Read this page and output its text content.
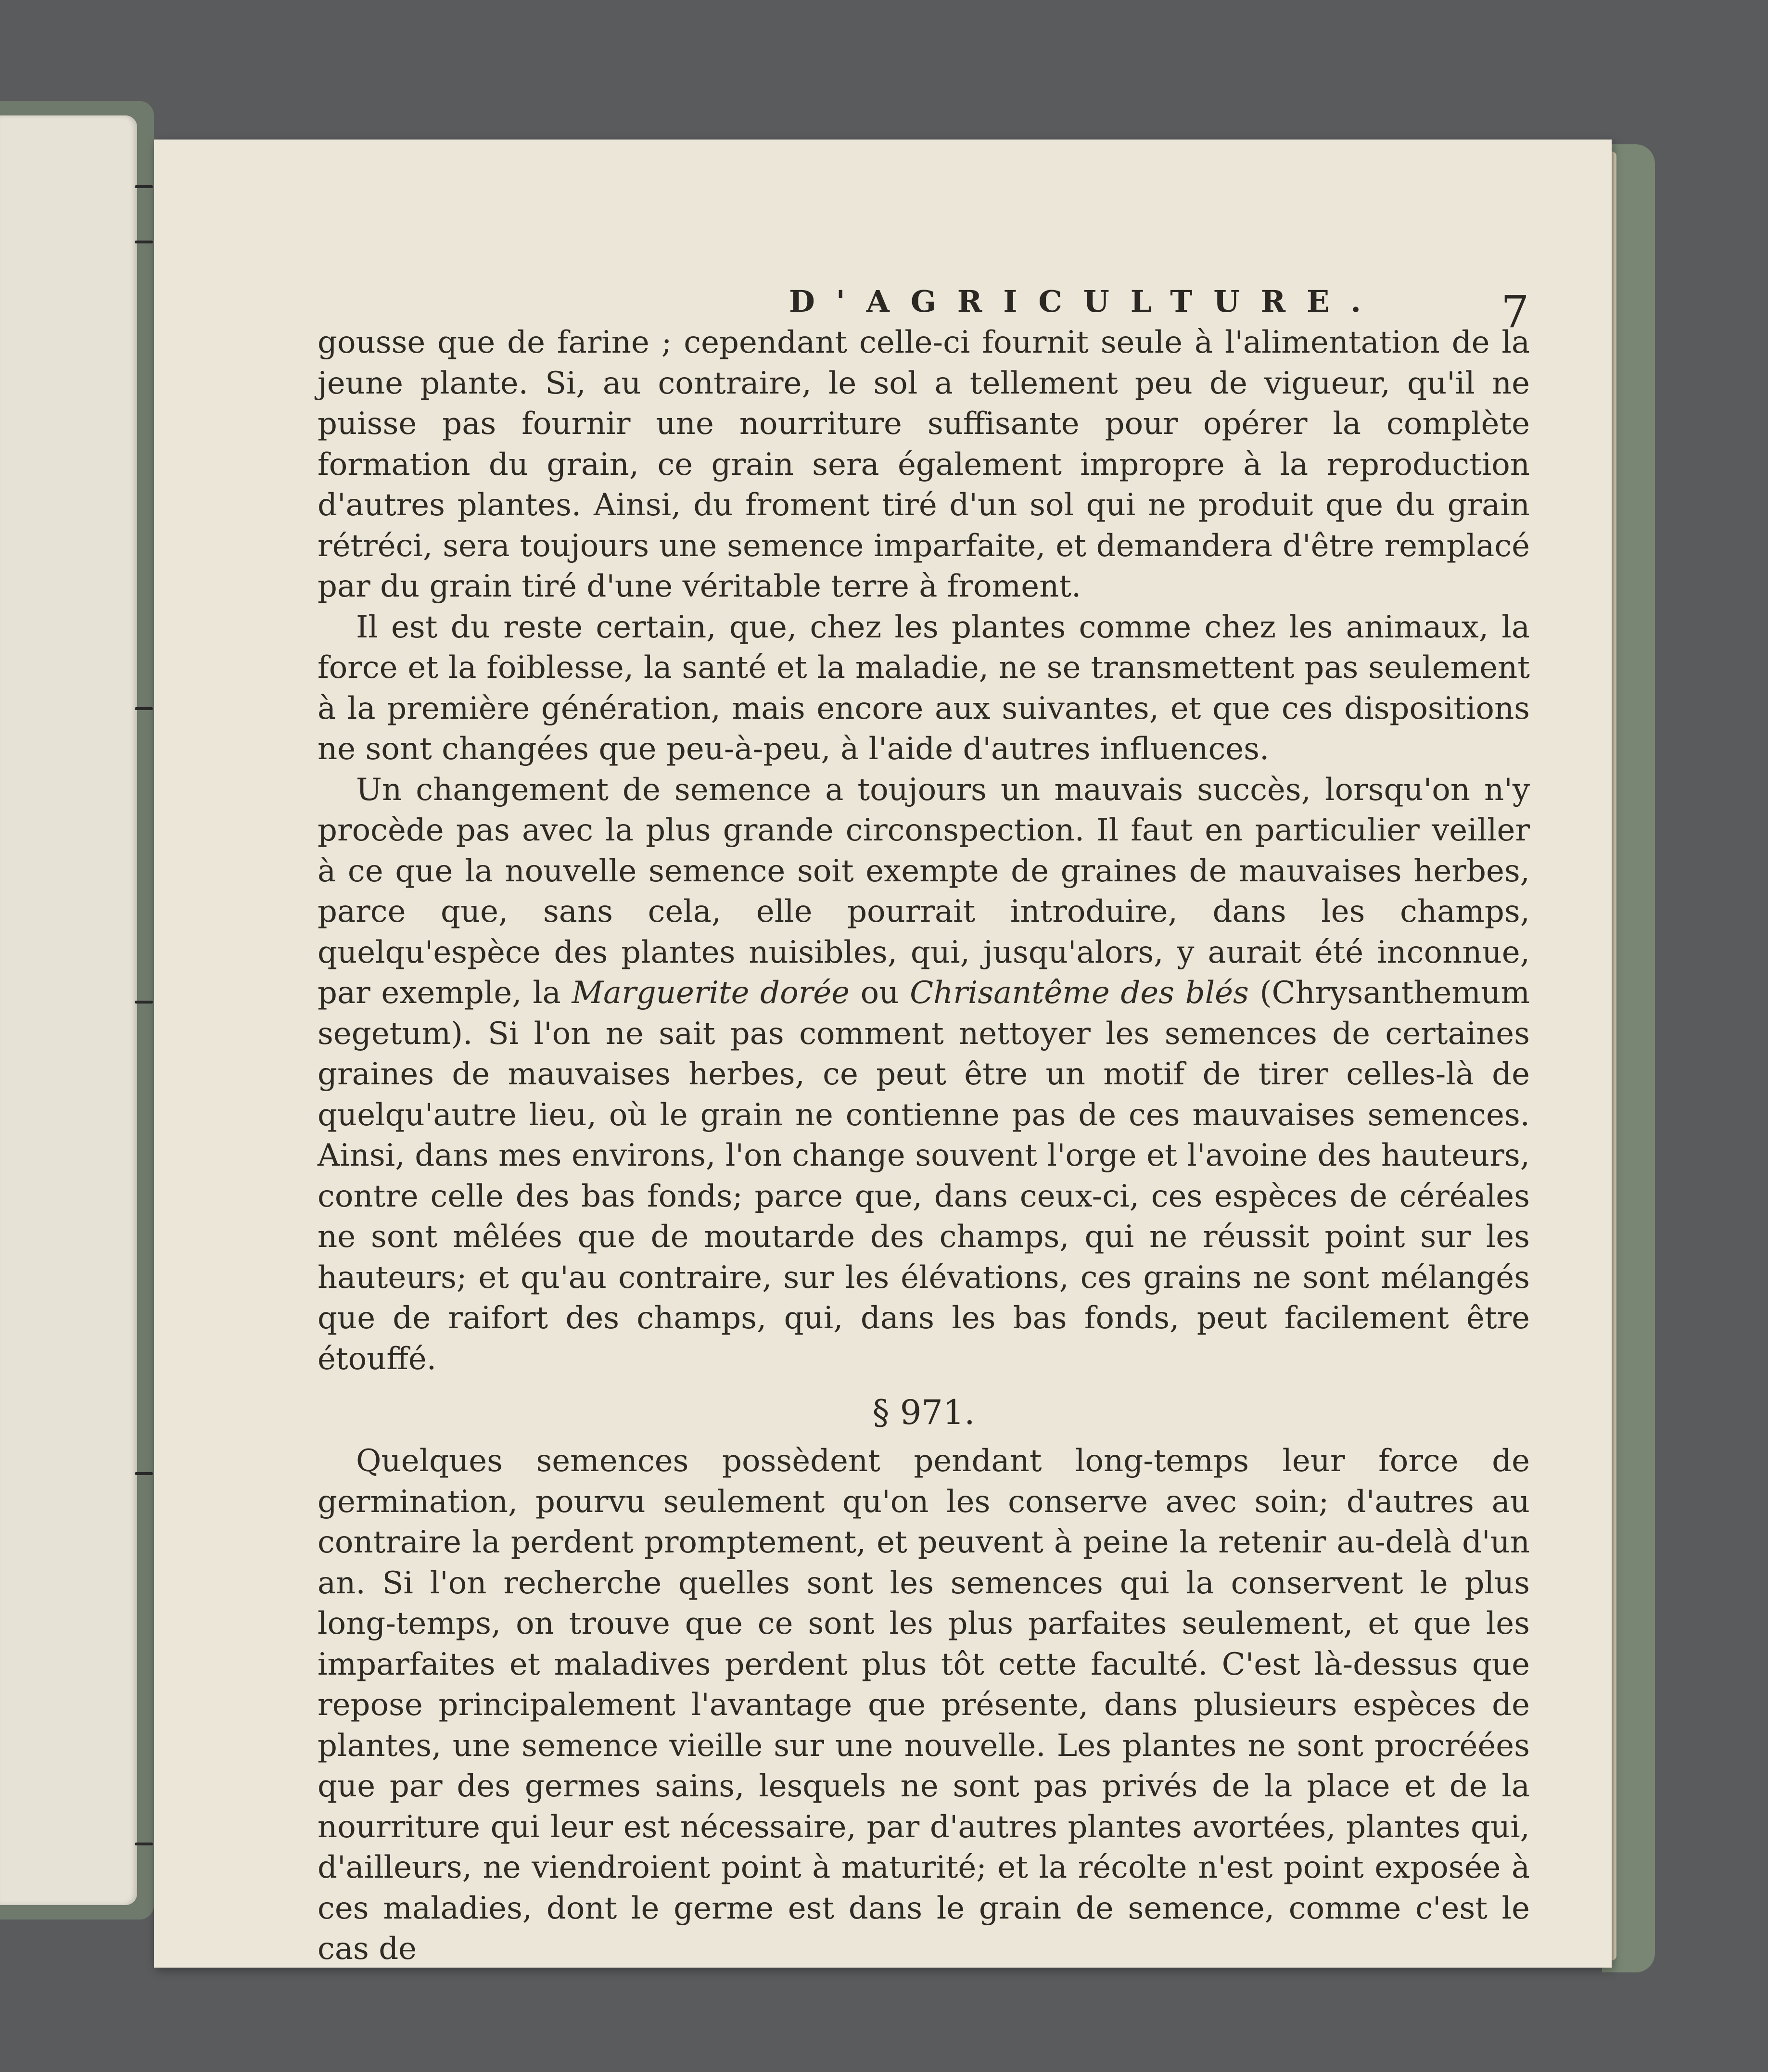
D'AGRICULTURE.	7

gousse que de farine ; cependant celle-ci fournit seule à l'alimentation de la jeune plante. Si, au contraire, le sol a tellement peu de vigueur, qu'il ne puisse pas fournir une nourriture suffisante pour opérer la complète formation du grain, ce grain sera également impropre à la reproduction d'autres plantes. Ainsi, du froment tiré d'un sol qui ne produit que du grain rétréci, sera toujours une semence imparfaite, et demandera d'être remplacé par du grain tiré d'une véritable terre à froment.

Il est du reste certain, que, chez les plantes comme chez les animaux, la force et la foiblesse, la santé et la maladie, ne se transmettent pas seulement à la première génération, mais encore aux suivantes, et que ces dispositions ne sont changées que peu-à-peu, à l'aide d'autres influences.

Un changement de semence a toujours un mauvais succès, lorsqu'on n'y procède pas avec la plus grande circonspection. Il faut en particulier veiller à ce que la nouvelle semence soit exempte de graines de mauvaises herbes, parce que, sans cela, elle pourrait introduire, dans les champs, quelqu'espèce des plantes nuisibles, qui, jusqu'alors, y aurait été inconnue, par exemple, la Marguerite dorée ou Chrisantême des blés (Chrysanthemum segetum). Si l'on ne sait pas comment nettoyer les semences de certaines graines de mauvaises herbes, ce peut être un motif de tirer celles-là de quelqu'autre lieu, où le grain ne contienne pas de ces mauvaises semences. Ainsi, dans mes environs, l'on change souvent l'orge et l'avoine des hauteurs, contre celle des bas fonds; parce que, dans ceux-ci, ces espèces de céréales ne sont mêlées que de moutarde des champs, qui ne réussit point sur les hauteurs; et qu'au contraire, sur les élévations, ces grains ne sont mélangés que de raifort des champs, qui, dans les bas fonds, peut facilement être étouffé.

§ 971.

Quelques semences possèdent pendant long-temps leur force de germination, pourvu seulement qu'on les conserve avec soin; d'autres au contraire la perdent promptement, et peuvent à peine la retenir au-delà d'un an. Si l'on recherche quelles sont les semences qui la conservent le plus long-temps, on trouve que ce sont les plus parfaites seulement, et que les imparfaites et maladives perdent plus tôt cette faculté. C'est là-dessus que repose principalement l'avantage que présente, dans plusieurs espèces de plantes, une semence vieille sur une nouvelle. Les plantes ne sont procréées que par des germes sains, lesquels ne sont pas privés de la place et de la nourriture qui leur est nécessaire, par d'autres plantes avortées, plantes qui, d'ailleurs, ne viendroient point à maturité; et la récolte n'est point exposée à ces maladies, dont le germe est dans le grain de semence, comme c'est le cas de
